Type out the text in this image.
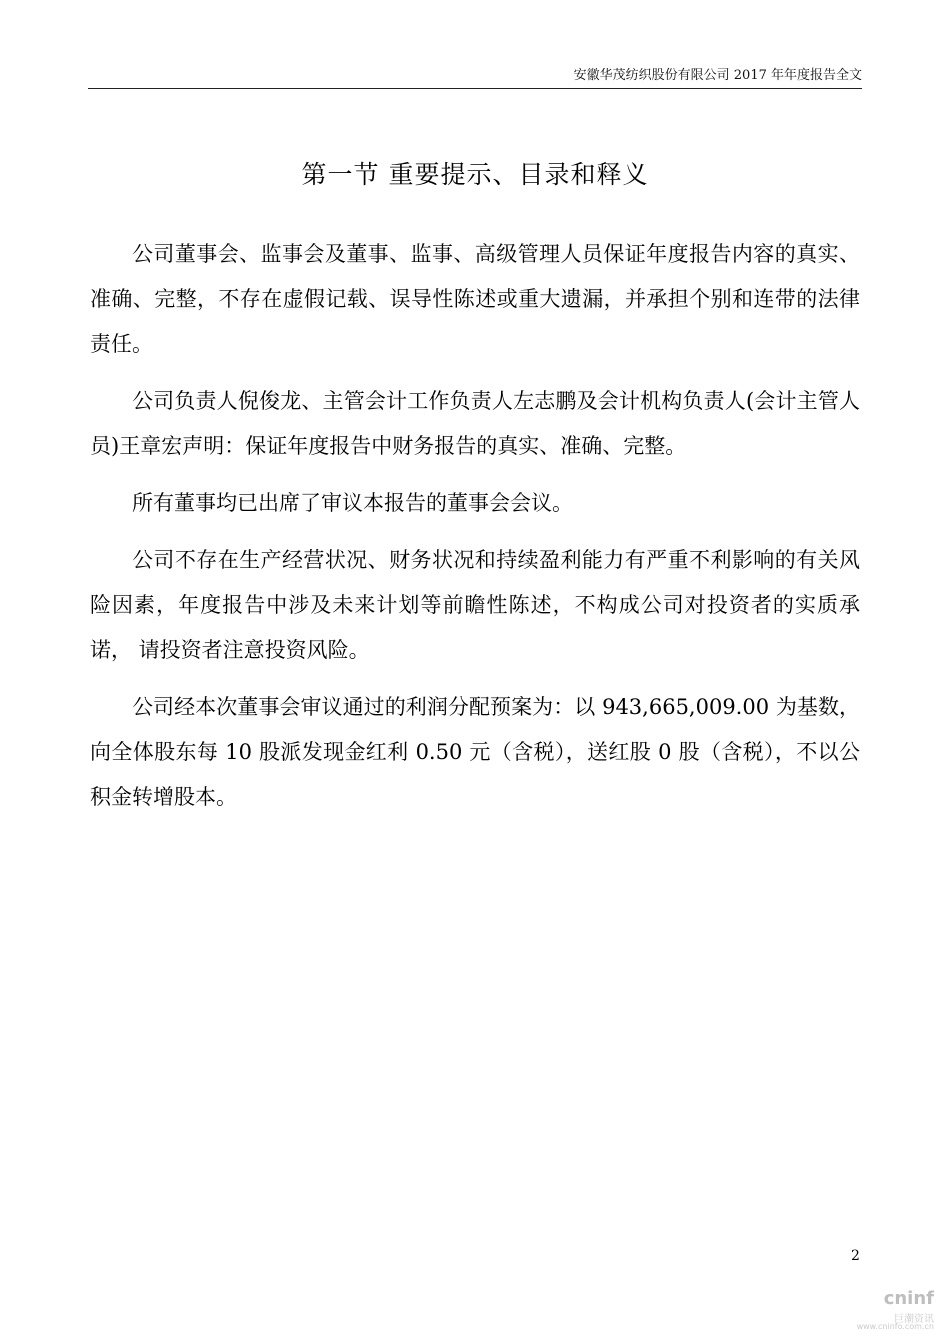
安徽华茂纺织股份有限公司 2017 年年度报告全文
第一节 重要提示、目录和释义

公司董事会、监事会及董事、监事、高级管理人员保证年度报告内容的真实、准确、完整，不存在虚假记载、误导性陈述或重大遗漏，并承担个别和连带的法律责任。

公司负责人倪俊龙、主管会计工作负责人左志鹏及会计机构负责人(会计主管人员)王章宏声明：保证年度报告中财务报告的真实、准确、完整。

所有董事均已出席了审议本报告的董事会会议。

公司不存在生产经营状况、财务状况和持续盈利能力有严重不利影响的有关风险因素，年度报告中涉及未来计划等前瞻性陈述，不构成公司对投资者的实质承诺， 请投资者注意投资风险。

公司经本次董事会审议通过的利润分配预案为：以 943,665,009.00 为基数，向全体股东每 10 股派发现金红利 0.50 元（含税），送红股 0 股（含税），不以公积金转增股本。

2
cninf
巨潮资讯
www.cninfo.com.cn
